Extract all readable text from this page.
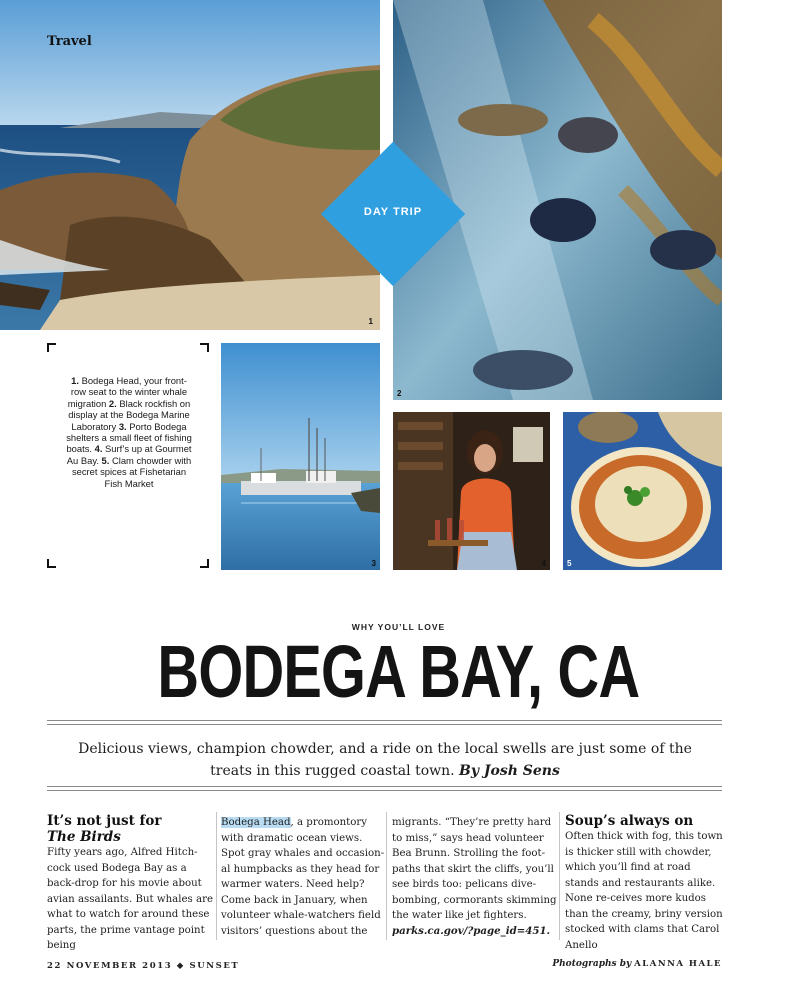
1
Travel
2
DAY TRIP
1. Bodega Head, your front-row seat to the winter whale migration 2. Black rockfish on display at the Bodega Marine Laboratory 3. Porto Bodega shelters a small fleet of fishing boats. 4. Surf’s up at Gourmet Au Bay. 5. Clam chowder with secret spices at Fishetarian Fish Market
3	4	5
WHY YOU’LL LOVE
BODEGA BAY, CA
Delicious views, champion chowder, and a ride on the local swells are just some of the treats in this rugged coastal town. By Josh Sens
It’s not just for
The Birds
Fifty years ago, Alfred Hitch-cock used Bodega Bay as a back-drop for his movie about avian assailants. But whales are what to watch for around these parts, the prime vantage point being
Bodega Head, a promontory with dramatic ocean views. Spot gray whales and occasion-al humpbacks as they head for warmer waters. Need help? Come back in January, when volunteer whale-watchers field visitors’ questions about the
migrants. “They’re pretty hard to miss,” says head volunteer Bea Brunn. Strolling the foot-paths that skirt the cliffs, you’ll see birds too: pelicans dive-bombing, cormorants skimming the water like jet fighters. parks.ca.gov/?page_id=451.
Soup’s always on
Often thick with fog, this town is thicker still with chowder, which you’ll find at road stands and restaurants alike. None re-ceives more kudos than the creamy, briny version stocked with clams that Carol Anello
22 NOVEMBER 2013 ◆ SUNSET	Photographs by ALANNA HALE
